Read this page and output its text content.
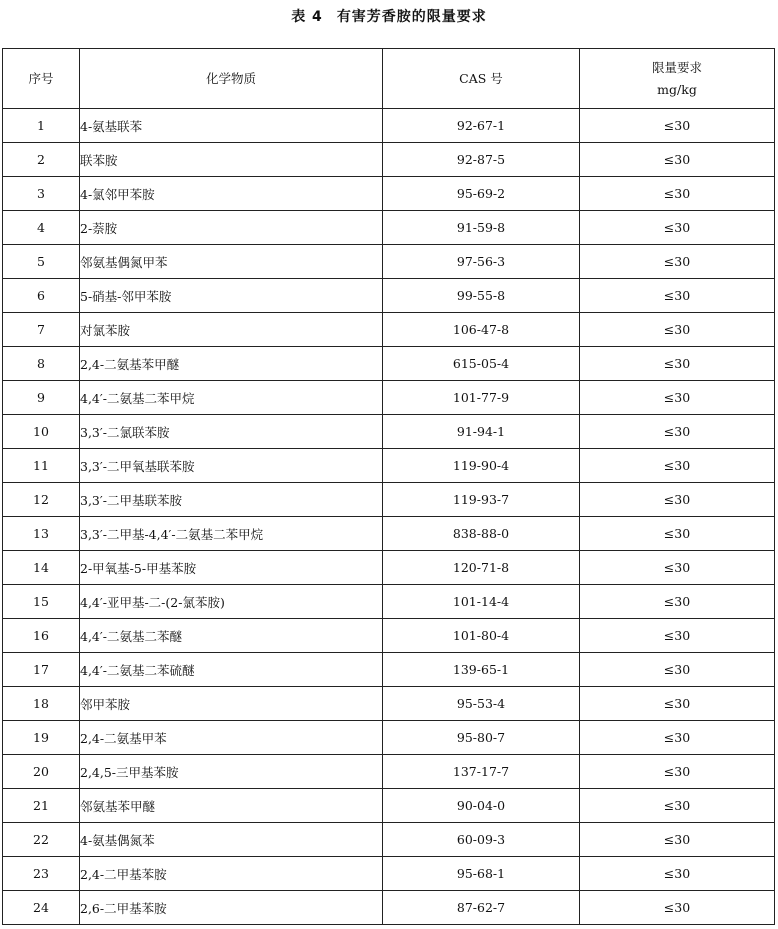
表 4 有害芳香胺的限量要求
序号	化学物质	CAS 号	限量要求
mg/kg

1	4-氨基联苯	92-67-1	≤30
2	联苯胺	92-87-5	≤30
3	4-氯邻甲苯胺	95-69-2	≤30
4	2-萘胺	91-59-8	≤30
5	邻氨基偶氮甲苯	97-56-3	≤30
6	5-硝基-邻甲苯胺	99-55-8	≤30
7	对氯苯胺	106-47-8	≤30
8	2,4-二氨基苯甲醚	615-05-4	≤30
9	4,4′-二氨基二苯甲烷	101-77-9	≤30
10	3,3′-二氯联苯胺	91-94-1	≤30
11	3,3′-二甲氧基联苯胺	119-90-4	≤30
12	3,3′-二甲基联苯胺	119-93-7	≤30
13	3,3′-二甲基-4,4′-二氨基二苯甲烷	838-88-0	≤30
14	2-甲氧基-5-甲基苯胺	120-71-8	≤30
15	4,4′-亚甲基-二-(2-氯苯胺)	101-14-4	≤30
16	4,4′-二氨基二苯醚	101-80-4	≤30
17	4,4′-二氨基二苯硫醚	139-65-1	≤30
18	邻甲苯胺	95-53-4	≤30
19	2,4-二氨基甲苯	95-80-7	≤30
20	2,4,5-三甲基苯胺	137-17-7	≤30
21	邻氨基苯甲醚	90-04-0	≤30
22	4-氨基偶氮苯	60-09-3	≤30
23	2,4-二甲基苯胺	95-68-1	≤30
24	2,6-二甲基苯胺	87-62-7	≤30
